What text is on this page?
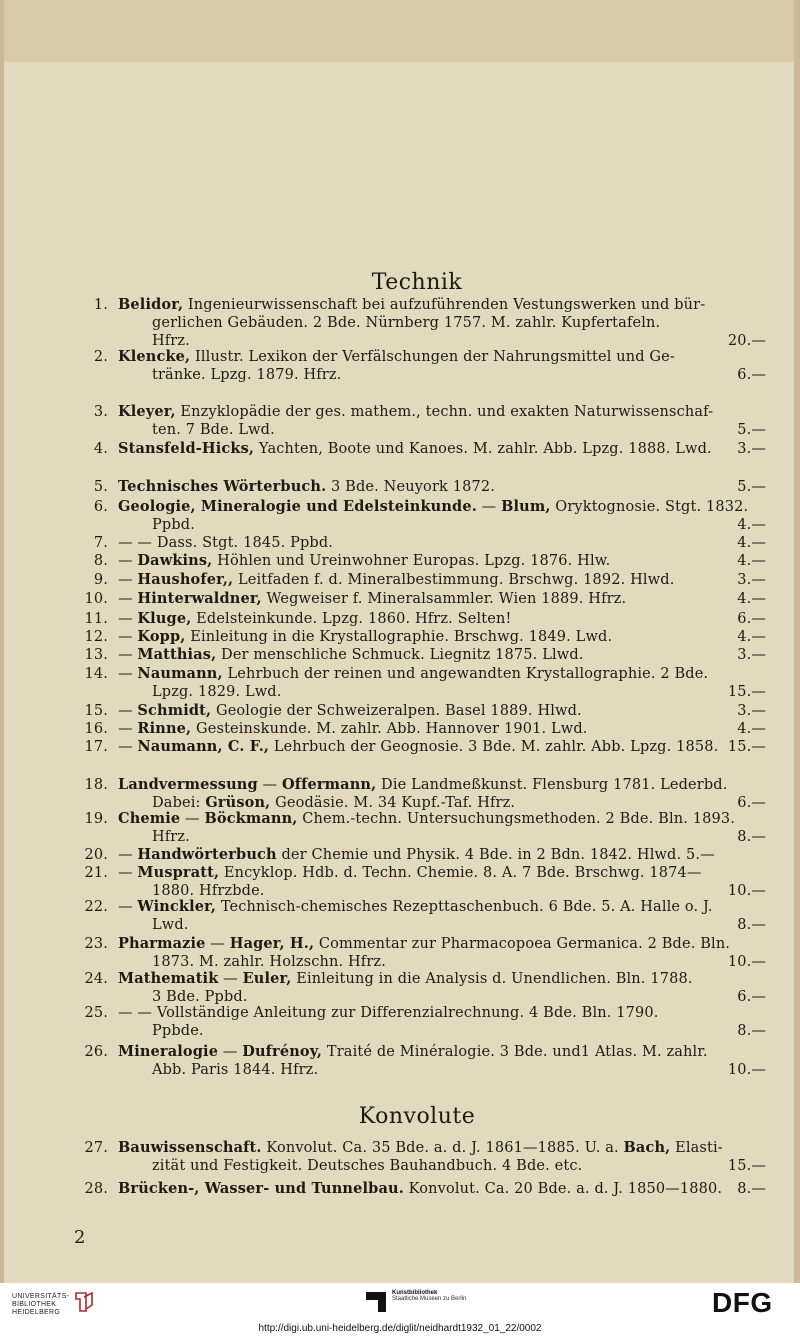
Technik
1. Belidor, Ingenieurwissenschaft bei aufzuführenden Vestungswerken und bür-
gerlichen Gebäuden. 2 Bde. Nürnberg 1757. M. zahlr. Kupfertafeln.
Hfrz.	20.—
2. Klencke, Illustr. Lexikon der Verfälschungen der Nahrungsmittel und Ge-
tränke. Lpzg. 1879. Hfrz.	6.—
3. Kleyer, Enzyklopädie der ges. mathem., techn. und exakten Naturwissenschaf-
ten. 7 Bde. Lwd.	5.—
4. Stansfeld-Hicks, Yachten, Boote und Kanoes. M. zahlr. Abb. Lpzg. 1888. Lwd.	3.—
5. Technisches Wörterbuch. 3 Bde. Neuyork 1872.	5.—
6. Geologie, Mineralogie und Edelsteinkunde. — Blum, Oryktognosie. Stgt. 1832.
Ppbd.	4.—
7. — — Dass. Stgt. 1845. Ppbd.	4.—
8. — Dawkins, Höhlen und Ureinwohner Europas. Lpzg. 1876. Hlw.	4.—
9. — Haushofer,, Leitfaden f. d. Mineralbestimmung. Brschwg. 1892. Hlwd.	3.—
10. — Hinterwaldner, Wegweiser f. Mineralsammler. Wien 1889. Hfrz.	4.—
11. — Kluge, Edelsteinkunde. Lpzg. 1860. Hfrz. Selten!	6.—
12. — Kopp, Einleitung in die Krystallographie. Brschwg. 1849. Lwd.	4.—
13. — Matthias, Der menschliche Schmuck. Liegnitz 1875. Llwd.	3.—
14. — Naumann, Lehrbuch der reinen und angewandten Krystallographie. 2 Bde.
Lpzg. 1829. Lwd.	15.—
15. — Schmidt, Geologie der Schweizeralpen. Basel 1889. Hlwd.	3.—
16. — Rinne, Gesteinskunde. M. zahlr. Abb. Hannover 1901. Lwd.	4.—
17. — Naumann, C. F., Lehrbuch der Geognosie. 3 Bde. M. zahlr. Abb. Lpzg. 1858. 15.—
18. Landvermessung — Offermann, Die Landmeßkunst. Flensburg 1781. Lederbd.
Dabei: Grüson, Geodäsie. M. 34 Kupf.-Taf. Hfrz.	6.—
19. Chemie — Böckmann, Chem.-techn. Untersuchungsmethoden. 2 Bde. Bln. 1893.
Hfrz.	8.—
20. — Handwörterbuch der Chemie und Physik. 4 Bde. in 2 Bdn. 1842. Hlwd. 5.—
21. — Muspratt, Encyklop. Hdb. d. Techn. Chemie. 8. A. 7 Bde. Brschwg. 1874—
1880. Hfrzbde.	10.—
22. — Winckler, Technisch-chemisches Rezepttaschenbuch. 6 Bde. 5. A. Halle o. J.
Lwd.	8.—
23. Pharmazie — Hager, H., Commentar zur Pharmacopoea Germanica. 2 Bde. Bln.
1873. M. zahlr. Holzschn. Hfrz.	10.—
24. Mathematik — Euler, Einleitung in die Analysis d. Unendlichen. Bln. 1788.
3 Bde. Ppbd.	6.—
25. — — Vollständige Anleitung zur Differenzialrechnung. 4 Bde. Bln. 1790.
Ppbde.	8.—
26. Mineralogie — Dufrénoy, Traité de Minéralogie. 3 Bde. und1 Atlas. M. zahlr.
Abb. Paris 1844. Hfrz.	10.—
27. Bauwissenschaft. Konvolut. Ca. 35 Bde. a. d. J. 1861—1885. U. a. Bach, Elasti-
zität und Festigkeit. Deutsches Bauhandbuch. 4 Bde. etc.	15.—
28. Brücken-, Wasser- und Tunnelbau. Konvolut. Ca. 20 Bde. a. d. J. 1850—1880.	8.—
Konvolute
2
UNIVERSITÄTS-
BIBLIOTHEK
HEIDELBERG
Kunstbibliothek
Staatliche Museen zu Berlin	DFG
http://digi.ub.uni-heidelberg.de/diglit/neidhardt1932_01_22/0002
